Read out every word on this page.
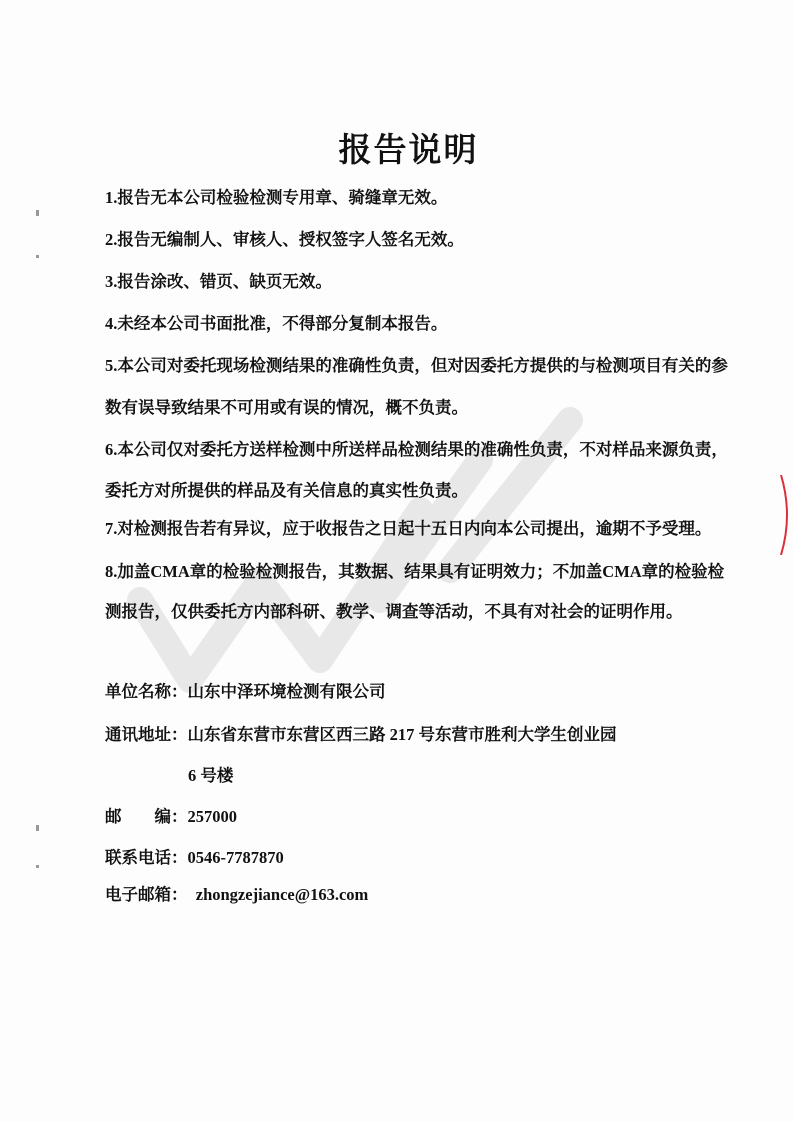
报告说明
1.报告无本公司检验检测专用章、骑缝章无效。
2.报告无编制人、审核人、授权签字人签名无效。
3.报告涂改、错页、缺页无效。
4.未经本公司书面批准，不得部分复制本报告。
5.本公司对委托现场检测结果的准确性负责，但对因委托方提供的与检测项目有关的参
数有误导致结果不可用或有误的情况，概不负责。
6.本公司仅对委托方送样检测中所送样品检测结果的准确性负责，不对样品来源负责，
委托方对所提供的样品及有关信息的真实性负责。
7.对检测报告若有异议，应于收报告之日起十五日内向本公司提出，逾期不予受理。
8.加盖CMA章的检验检测报告，其数据、结果具有证明效力；不加盖CMA章的检验检
测报告，仅供委托方内部科研、教学、调查等活动，不具有对社会的证明作用。
单位名称：山东中泽环境检测有限公司
通讯地址：山东省东营市东营区西三路 217 号东营市胜利大学生创业园
6 号楼
邮　　编：257000
联系电话：0546-7787870
电子邮箱：  zhongzejiance@163.com
